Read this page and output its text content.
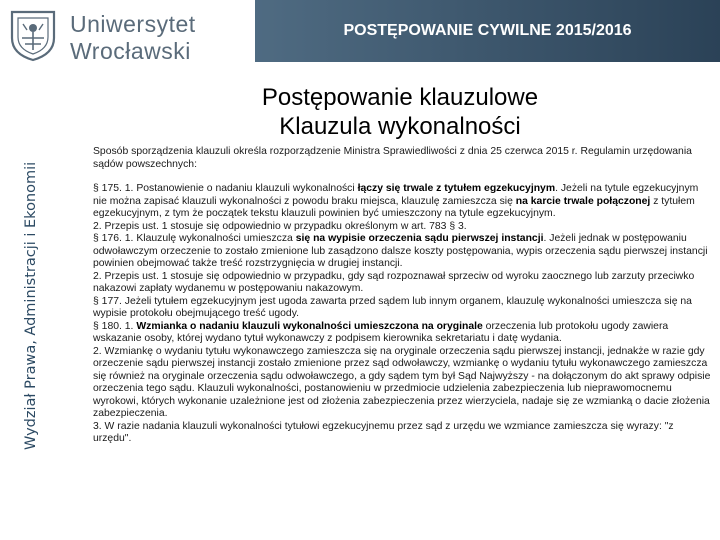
Uniwersytet
Wrocławski
POSTĘPOWANIE CYWILNE 2015/2016
Wydział Prawa, Administracji i Ekonomii
Postępowanie klauzulowe
Klauzula wykonalności

Sposób sporządzenia klauzuli określa rozporządzenie Ministra Sprawiedliwości z dnia 25 czerwca 2015 r. Regulamin urzędowania sądów powszechnych:

§ 175. 1. Postanowienie o nadaniu klauzuli wykonalności łączy się trwale z tytułem egzekucyjnym. Jeżeli na tytule egzekucyjnym nie można zapisać klauzuli wykonalności z powodu braku miejsca, klauzulę zamieszcza się na karcie trwale połączonej z tytułem egzekucyjnym, z tym że początek tekstu klauzuli powinien być umieszczony na tytule egzekucyjnym.

2. Przepis ust. 1 stosuje się odpowiednio w przypadku określonym w art. 783 § 3.

§ 176. 1. Klauzulę wykonalności umieszcza się na wypisie orzeczenia sądu pierwszej instancji. Jeżeli jednak w postępowaniu odwoławczym orzeczenie to zostało zmienione lub zasądzono dalsze koszty postępowania, wypis orzeczenia sądu pierwszej instancji powinien obejmować także treść rozstrzygnięcia w drugiej instancji.

2. Przepis ust. 1 stosuje się odpowiednio w przypadku, gdy sąd rozpoznawał sprzeciw od wyroku zaocznego lub zarzuty przeciwko nakazowi zapłaty wydanemu w postępowaniu nakazowym.

§ 177. Jeżeli tytułem egzekucyjnym jest ugoda zawarta przed sądem lub innym organem, klauzulę wykonalności umieszcza się na wypisie protokołu obejmującego treść ugody.

§ 180. 1. Wzmianka o nadaniu klauzuli wykonalności umieszczona na oryginale orzeczenia lub protokołu ugody zawiera wskazanie osoby, której wydano tytuł wykonawczy z podpisem kierownika sekretariatu i datę wydania.

2. Wzmiankę o wydaniu tytułu wykonawczego zamieszcza się na oryginale orzeczenia sądu pierwszej instancji, jednakże w razie gdy orzeczenie sądu pierwszej instancji zostało zmienione przez sąd odwoławczy, wzmiankę o wydaniu tytułu wykonawczego zamieszcza się również na oryginale orzeczenia sądu odwoławczego, a gdy sądem tym był Sąd Najwyższy - na dołączonym do akt sprawy odpisie orzeczenia tego sądu. Klauzuli wykonalności, postanowieniu w przedmiocie udzielenia zabezpieczenia lub nieprawomocnemu wyrokowi, których wykonanie uzależnione jest od złożenia zabezpieczenia przez wierzyciela, nadaje się ze wzmianką o dacie złożenia zabezpieczenia.

3. W razie nadania klauzuli wykonalności tytułowi egzekucyjnemu przez sąd z urzędu we wzmiance zamieszcza się wyrazy: "z urzędu".
